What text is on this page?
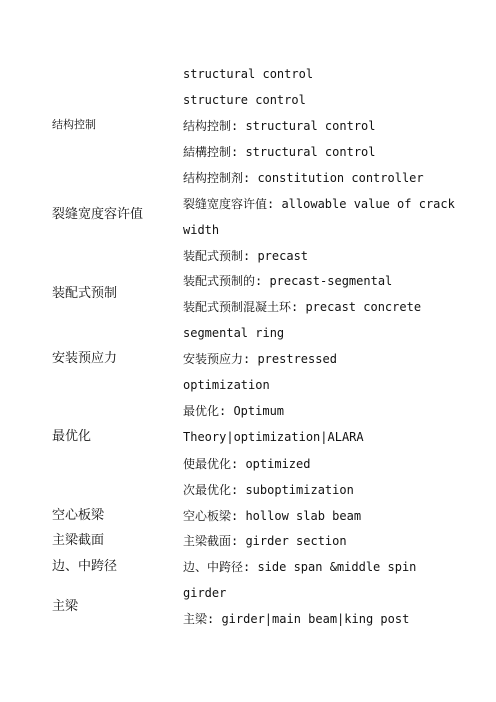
结构控制
裂缝宽度容许值
装配式预制
安装预应力
最优化
空心板梁
主梁截面
边、中跨径
主梁
structural control
structure control
结构控制: structural control
結構控制: structural control
结构控制剂: constitution controller
裂缝宽度容许值: allowable value of crack
width
装配式预制: precast
装配式预制的: precast-segmental
装配式预制混凝土环: precast concrete
segmental ring
安装预应力: prestressed
optimization
最优化: Optimum
Theory|optimization|ALARA
使最优化: optimized
次最优化: suboptimization
空心板梁: hollow slab beam
主梁截面: girder section
边、中跨径: side span &middle spin
girder
主梁: girder|main beam|king post
